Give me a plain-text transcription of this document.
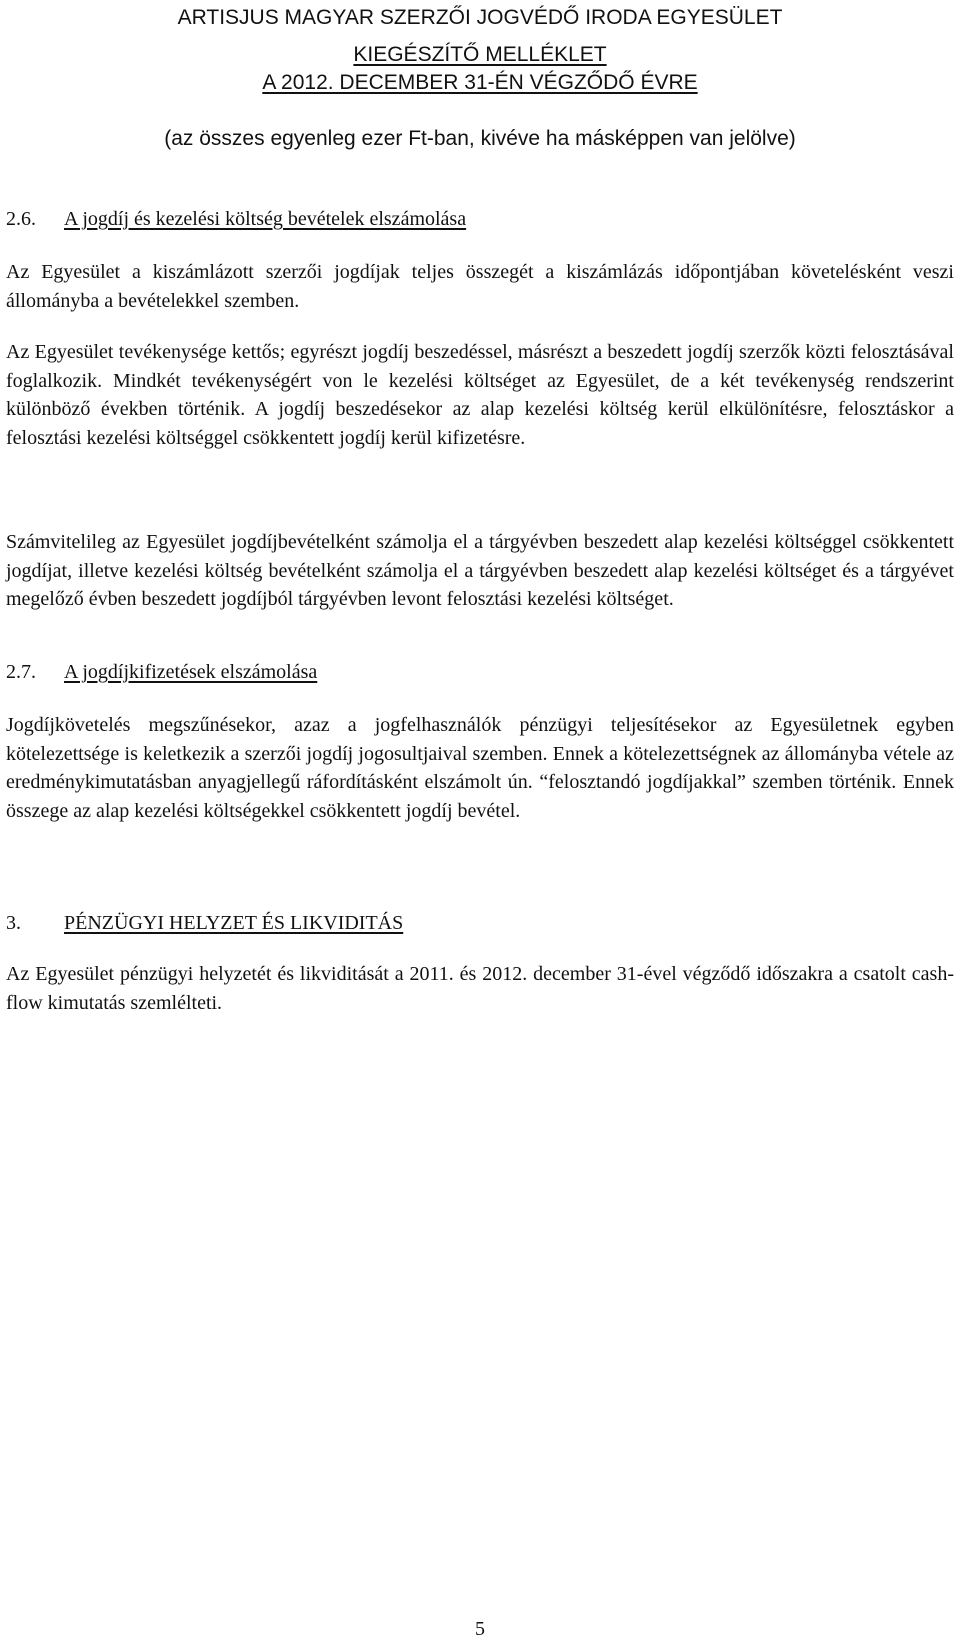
ARTISJUS MAGYAR SZERZŐI JOGVÉDŐ IRODA EGYESÜLET
KIEGÉSZÍTŐ MELLÉKLET
A 2012. DECEMBER 31-ÉN VÉGZŐDŐ ÉVRE
(az összes egyenleg ezer Ft-ban, kivéve ha másképpen van jelölve)
2.6. A jogdíj és kezelési költség bevételek elszámolása
Az Egyesület a kiszámlázott szerzői jogdíjak teljes összegét a kiszámlázás időpontjában követelésként veszi állományba a bevételekkel szemben.
Az Egyesület tevékenysége kettős; egyrészt jogdíj beszedéssel, másrészt a beszedett jogdíj szerzők közti felosztásával foglalkozik. Mindkét tevékenységért von le kezelési költséget az Egyesület, de a két tevékenység rendszerint különböző években történik. A jogdíj beszedésekor az alap kezelési költség kerül elkülönítésre, felosztáskor a felosztási kezelési költséggel csökkentett jogdíj kerül kifizetésre.
Számvitelileg az Egyesület jogdíjbevételként számolja el a tárgyévben beszedett alap kezelési költséggel csökkentett jogdíjat, illetve kezelési költség bevételként számolja el a tárgyévben beszedett alap kezelési költséget és a tárgyévet megelőző évben beszedett jogdíjból tárgyévben levont felosztási kezelési költséget.
2.7. A jogdíjkifizetések elszámolása
Jogdíjkövetelés megszűnésekor, azaz a jogfelhasználók pénzügyi teljesítésekor az Egyesületnek egyben kötelezettsége is keletkezik a szerzői jogdíj jogosultjaival szemben. Ennek a kötelezettségnek az állományba vétele az eredménykimutatásban anyagjellegű ráfordításként elszámolt ún. “felosztandó jogdíjakkal” szemben történik. Ennek összege az alap kezelési költségekkel csökkentett jogdíj bevétel.
3. PÉNZÜGYI HELYZET ÉS LIKVIDITÁS
Az Egyesület pénzügyi helyzetét és likviditását a 2011. és 2012. december 31-ével végződő időszakra a csatolt cash-flow kimutatás szemlélteti.
5
